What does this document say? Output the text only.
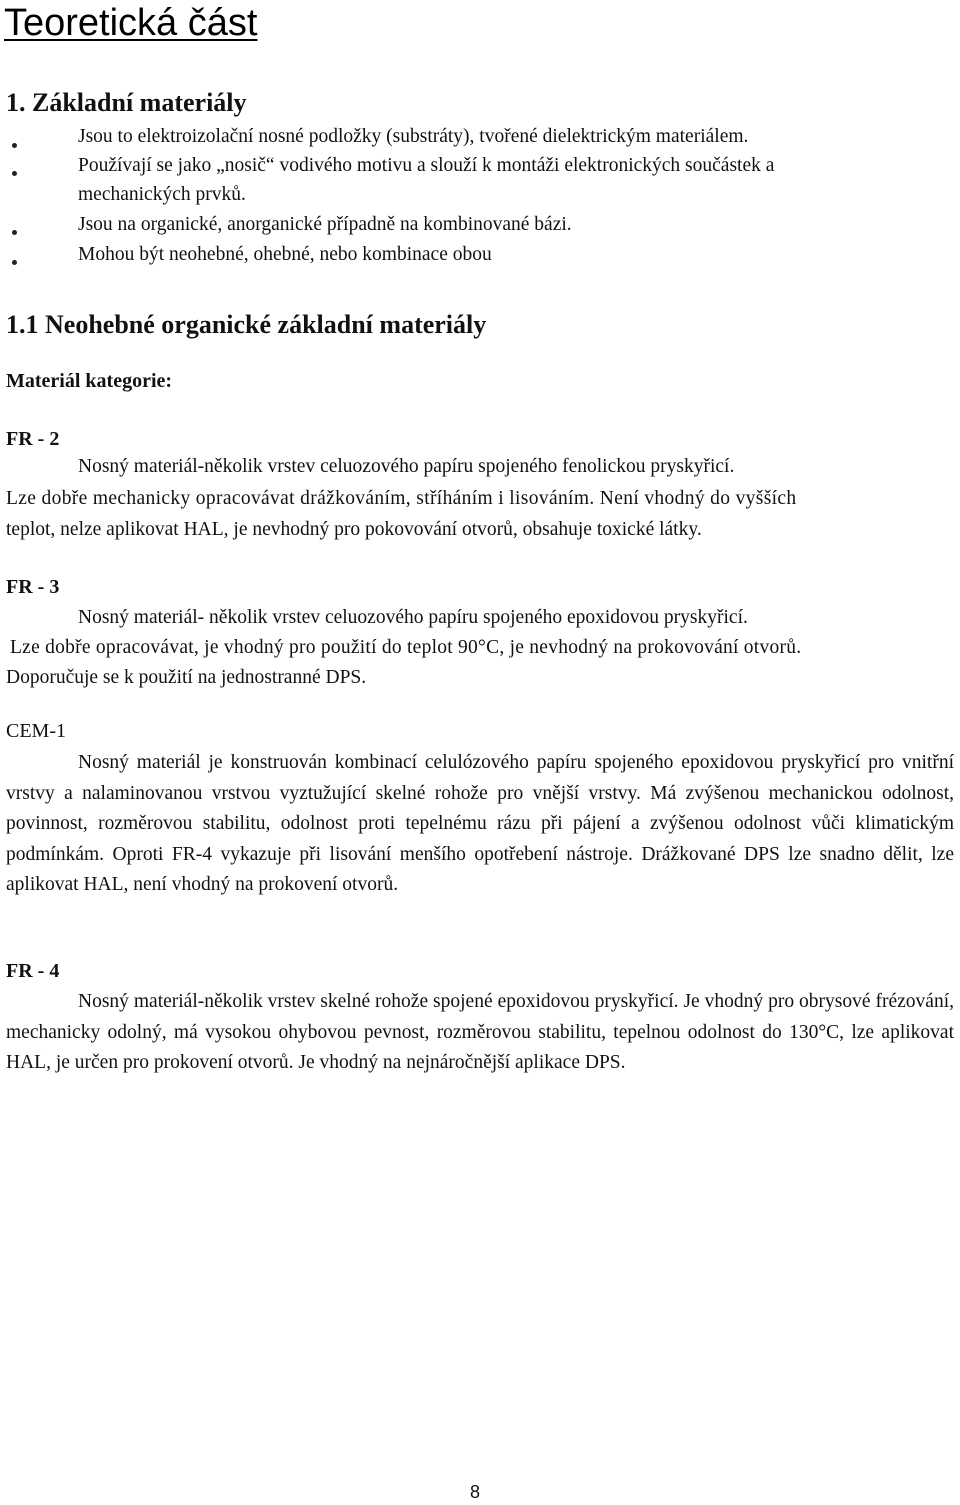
Teoretická část
1. Základní materiály
Jsou to elektroizolační nosné podložky (substráty), tvořené dielektrickým materiálem.
Používají se jako „nosič“ vodivého motivu a slouží k montáži elektronických součástek a
mechanických prvků.
Jsou na organické, anorganické případně na kombinované bázi.
Mohou být neohebné, ohebné, nebo kombinace obou
1.1 Neohebné organické základní materiály
Materiál kategorie:
FR - 2
Nosný materiál-několik vrstev celuozového papíru spojeného fenolickou pryskyřicí.
Lze dobře mechanicky opracovávat drážkováním, stříháním i lisováním. Není vhodný do vyšších
teplot, nelze aplikovat HAL, je nevhodný pro pokovování otvorů, obsahuje toxické látky.
FR - 3
Nosný materiál- několik vrstev celuozového papíru spojeného epoxidovou pryskyřicí.
Lze dobře opracovávat, je vhodný pro použití do teplot 90°C, je nevhodný na prokovování otvorů.
Doporučuje se k použití na jednostranné DPS.
CEM-1
Nosný materiál je konstruován kombinací celulózového papíru spojeného epoxidovou pryskyřicí pro vnitřní vrstvy a nalaminovanou vrstvou vyztužující skelné rohože pro vnější vrstvy. Má zvýšenou mechanickou odolnost, povinnost, rozměrovou stabilitu, odolnost proti tepelnému rázu při pájení a zvýšenou odolnost vůči klimatickým podmínkám. Oproti FR-4 vykazuje při lisování menšího opotřebení nástroje. Drážkované DPS lze snadno dělit, lze aplikovat HAL, není vhodný na prokovení otvorů.
FR - 4
Nosný materiál-několik vrstev skelné rohože spojené epoxidovou pryskyřicí. Je vhodný pro obrysové frézování, mechanicky odolný, má vysokou ohybovou pevnost, rozměrovou stabilitu, tepelnou odolnost do 130°C, lze aplikovat HAL, je určen pro prokovení otvorů. Je vhodný na nejnáročnější aplikace DPS.
8
